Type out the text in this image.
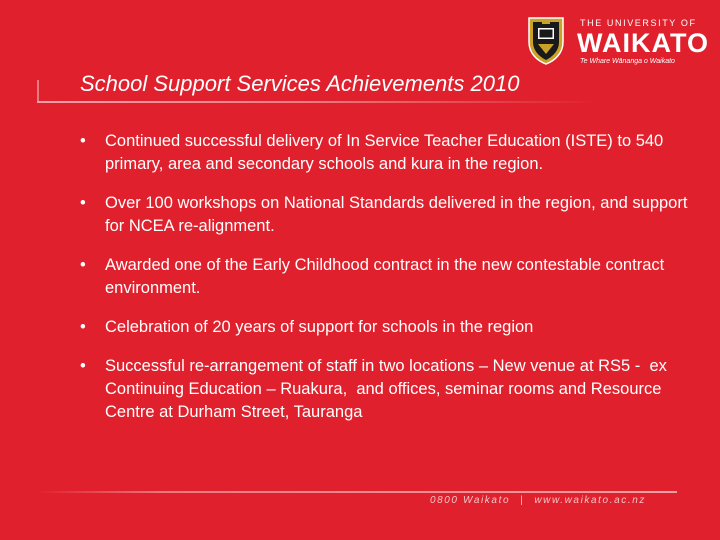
School Support Services Achievements 2010
THE UNIVERSITY OF
WAIKATO
Te Whare Wānanga o Waikato
• Continued successful delivery of In Service Teacher Education (ISTE) to 540 primary, area and secondary schools and kura in the region.
• Over 100 workshops on National Standards delivered in the region, and support for NCEA re-alignment.
• Awarded one of the Early Childhood contract in the new contestable contract environment.
• Celebration of 20 years of support for schools in the region
• Successful re-arrangement of staff in two locations – New venue at RS5 -  ex Continuing Education – Ruakura,  and offices, seminar rooms and Resource Centre at Durham Street, Tauranga
0800 Waikato | www.waikato.ac.nz
